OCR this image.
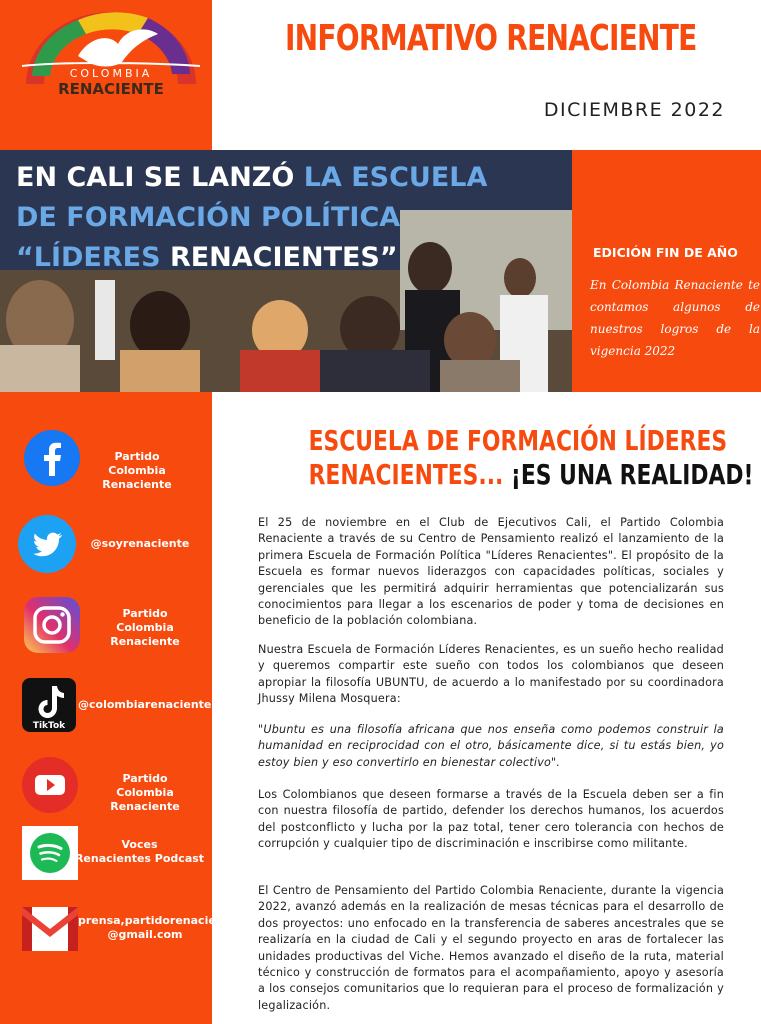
COLOMBIA
RENACIENTE
INFORMATIVO RENACIENTE
DICIEMBRE 2022
EN CALI SE LANZÓ LA ESCUELA
DE FORMACIÓN POLÍTICA
“LÍDERES RENACIENTES”	EDICIÓN FIN DE AÑO
En Colombia Renaciente te contamos algunos de nuestros logros de la vigencia 2022
Partido
Colombia Renaciente
@soyrenaciente
Partido
Colombia Renaciente
TikTok
@colombiarenaciente
Partido
Colombia Renaciente
Voces
Renacientes Podcast
prensa,partidorenaciente
@gmail.com
ESCUELA DE FORMACIÓN LÍDERES
RENACIENTES... ¡ES UNA REALIDAD!
El 25 de noviembre en el Club de Ejecutivos Cali, el Partido Colombia Renaciente a través de su Centro de Pensamiento realizó el lanzamiento de la primera Escuela de Formación Política "Líderes Renacientes". El propósito de la Escuela es formar nuevos liderazgos con capacidades políticas, sociales y gerenciales que les permitirá adquirir herramientas que potencializarán sus conocimientos para llegar a los escenarios de poder y toma de decisiones en beneficio de la población colombiana.
Nuestra Escuela de Formación Líderes Renacientes, es un sueño hecho realidad y queremos compartir este sueño con todos los colombianos que deseen apropiar la filosofía UBUNTU, de acuerdo a lo manifestado por su coordinadora Jhussy Milena Mosquera:
"Ubuntu es una filosofía africana que nos enseña como podemos construir la humanidad en reciprocidad con el otro, básicamente dice, si tu estás bien, yo estoy bien y eso convertirlo en bienestar colectivo".
Los Colombianos que deseen formarse a través de la Escuela deben ser a fin con nuestra filosofía de partido, defender los derechos humanos, los acuerdos del postconflicto y lucha por la paz total, tener cero tolerancia con hechos de corrupción y cualquier tipo de discriminación e inscribirse como militante.
El Centro de Pensamiento del Partido Colombia Renaciente, durante la vigencia 2022, avanzó además en la realización de mesas técnicas para el desarrollo de dos proyectos: uno enfocado en la transferencia de saberes ancestrales que se realizaría en la ciudad de Cali y el segundo proyecto en aras de fortalecer las unidades productivas del Viche. Hemos avanzado el diseño de la ruta, material técnico y construcción de formatos para el acompañamiento, apoyo y asesoría a los consejos comunitarios que lo requieran para el proceso de formalización y legalización.
